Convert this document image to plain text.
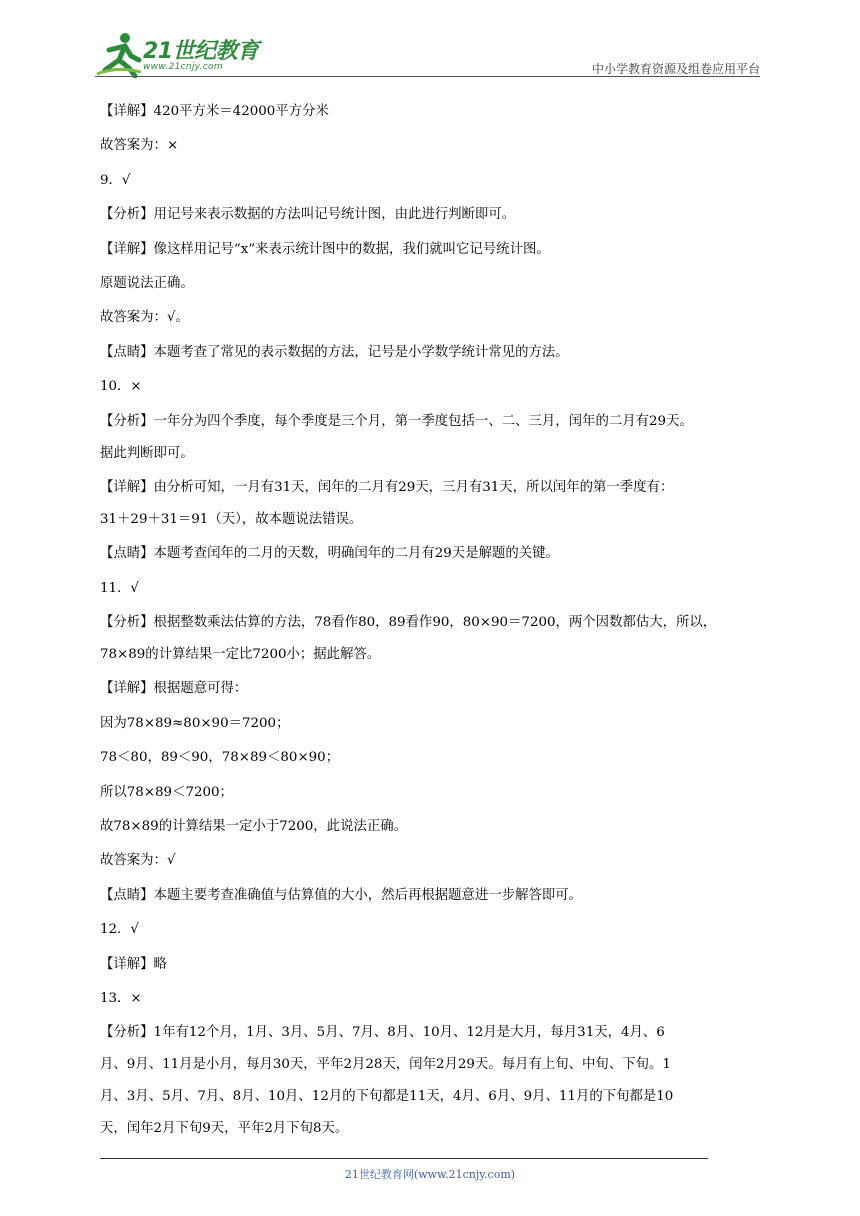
21世纪教育
www.21cnjy.com	中小学教育资源及组卷应用平台
【详解】420平方米＝42000平方分米
故答案为：×
9．√
【分析】用记号来表示数据的方法叫记号统计图，由此进行判断即可。
【详解】像这样用记号“x”来表示统计图中的数据，我们就叫它记号统计图。
原题说法正确。
故答案为：√。
【点睛】本题考查了常见的表示数据的方法，记号是小学数学统计常见的方法。
10．×
【分析】一年分为四个季度，每个季度是三个月，第一季度包括一、二、三月，闰年的二月有29天。
据此判断即可。
【详解】由分析可知，一月有31天，闰年的二月有29天，三月有31天，所以闰年的第一季度有：
31＋29＋31＝91（天），故本题说法错误。
【点睛】本题考查闰年的二月的天数，明确闰年的二月有29天是解题的关键。
11．√
【分析】根据整数乘法估算的方法，78看作80，89看作90，80×90＝7200，两个因数都估大，所以，
78×89的计算结果一定比7200小；据此解答。
【详解】根据题意可得：
因为78×89≈80×90＝7200；
78＜80，89＜90，78×89＜80×90；
所以78×89＜7200；
故78×89的计算结果一定小于7200，此说法正确。
故答案为：√
【点睛】本题主要考查准确值与估算值的大小，然后再根据题意进一步解答即可。
12．√
【详解】略
13．×
【分析】1年有12个月，1月、3月、5月、7月、8月、10月、12月是大月，每月31天，4月、6
月、9月、11月是小月，每月30天，平年2月28天，闰年2月29天。每月有上旬、中旬、下旬。1
月、3月、5月、7月、8月、10月、12月的下旬都是11天，4月、6月、9月、11月的下旬都是10
天，闰年2月下旬9天，平年2月下旬8天。
21世纪教育网(www.21cnjy.com)
